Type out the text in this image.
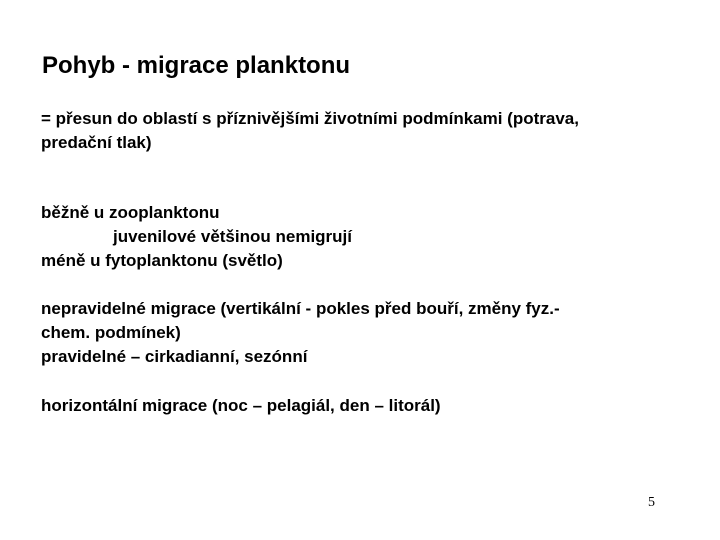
Pohyb - migrace planktonu
= přesun do oblastí s příznivějšími životními podmínkami (potrava,
predační tlak)
běžně u zooplanktonu
juvenilové většinou nemigrují
méně u fytoplanktonu (světlo)
nepravidelné migrace (vertikální - pokles před bouří, změny fyz.-
chem. podmínek)
pravidelné – cirkadianní, sezónní
horizontální migrace (noc – pelagiál, den – litorál)
5
